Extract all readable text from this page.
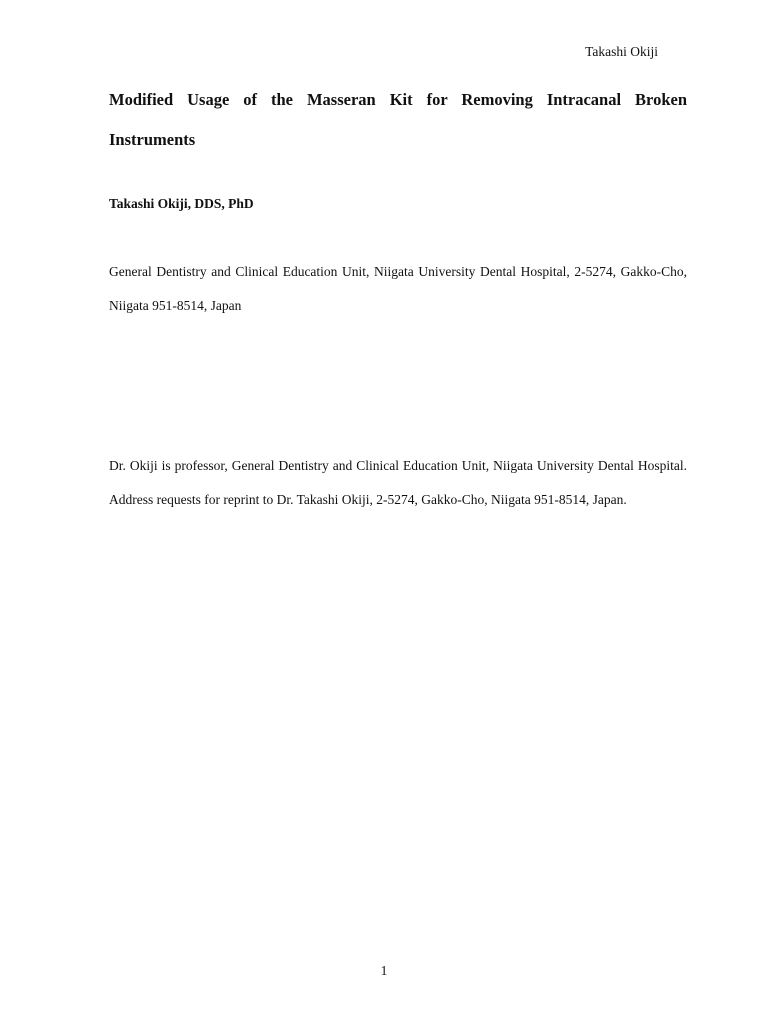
Takashi Okiji
Modified Usage of the Masseran Kit for Removing Intracanal Broken Instruments
Takashi Okiji, DDS, PhD

General Dentistry and Clinical Education Unit, Niigata University Dental Hospital, 2-5274, Gakko-Cho, Niigata 951-8514, Japan

Dr. Okiji is professor, General Dentistry and Clinical Education Unit, Niigata University Dental Hospital. Address requests for reprint to Dr. Takashi Okiji, 2-5274, Gakko-Cho, Niigata 951-8514, Japan.

1
